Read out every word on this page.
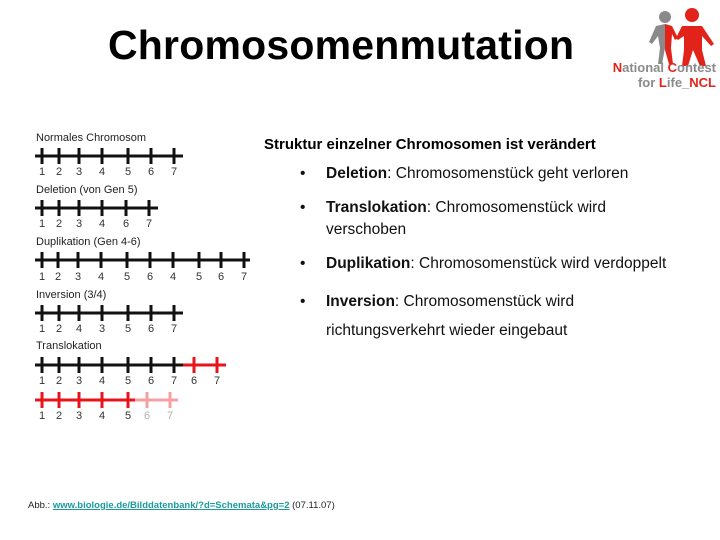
Chromosomenmutation	National Contest
for Life_NCL
Normales Chromosom
1 2 3 4 5 6 7
Deletion (von Gen 5)
1 2 3 4 6 7
Duplikation (Gen 4-6)
1 2 3 4 5 6 4 5 6 7
Inversion (3/4)
1 2 4 3 5 6 7
Translokation
1 2 3 4 5 6 7 6 7
1 2 3 4 5 6 7
Struktur einzelner Chromosomen ist verändert
• Deletion: Chromosomenstück geht verloren
• Translokation: Chromosomenstück wird verschoben
• Duplikation: Chromosomenstück wird verdoppelt
• Inversion: Chromosomenstück wird richtungsverkehrt wieder eingebaut
Abb.: www.biologie.de/Bilddatenbank/?d=Schemata&pg=2 (07.11.07)
